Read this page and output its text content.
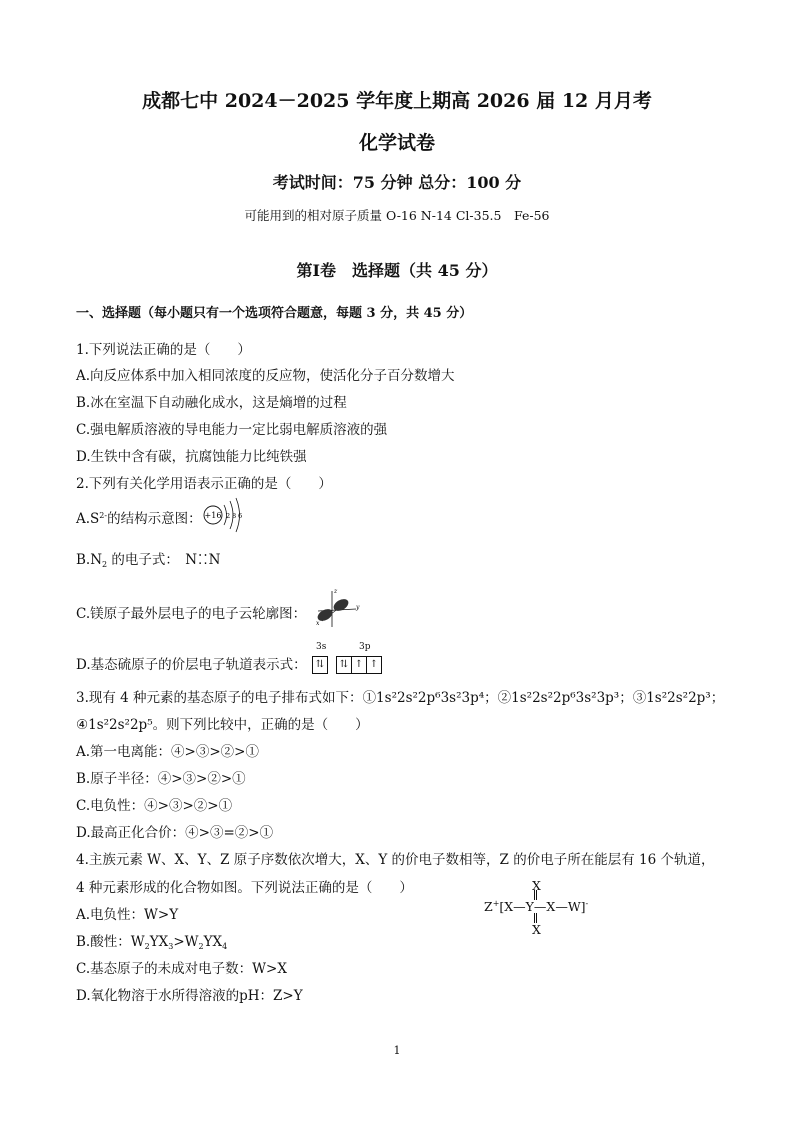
成都七中 2024－2025 学年度上期高 2026 届 12 月月考
化学试卷
考试时间：75 分钟 总分：100 分
可能用到的相对原子质量 O-16 N-14 Cl-35.5　Fe-56
第Ⅰ卷　选择题（共 45 分）
一、选择题（每小题只有一个选项符合题意，每题 3 分，共 45 分）
1.下列说法正确的是（　　）
A.向反应体系中加入相同浓度的反应物，使活化分子百分数增大
B.冰在室温下自动融化成水，这是熵增的过程
C.强电解质溶液的导电能力一定比弱电解质溶液的强
D.生铁中含有碳，抗腐蚀能力比纯铁强
2.下列有关化学用语表示正确的是（　　）
$A.S^{2-}$的结构示意图： +16 2 8 6
$B.N_2$ 的电子式： N⁚⁚N
C.镁原子最外层电子的电子云轮廓图：
z
y
x
D.基态硫原子的价层电子轨道表示式：
3s	3p
⇅	⇅ ↑ ↑
3.现有 4 种元素的基态原子的电子排布式如下：①1s²2s²2p⁶3s²3p⁴；②1s²2s²2p⁶3s²3p³；③1s²2s²2p³；
④1s²2s²2p⁵。则下列比较中，正确的是（　　）
A.第一电离能：④>③>②>①
B.原子半径：④>③>②>①
C.电负性：④>③>②>①
D.最高正化合价：④>③=②>①
4.主族元素 W、X、Y、Z 原子序数依次增大，X、Y 的价电子数相等，Z 的价电子所在能层有 16 个轨道，
4 种元素形成的化合物如图。下列说法正确的是（　　）
A.电负性：W>Y
B.酸性：$W_2YX_3>W_2YX_4$
C.基态原子的未成对电子数：W>X
D.氧化物溶于水所得溶液的pH：Z>Y
X
Z+[X—Y—X—W]-
X
1
